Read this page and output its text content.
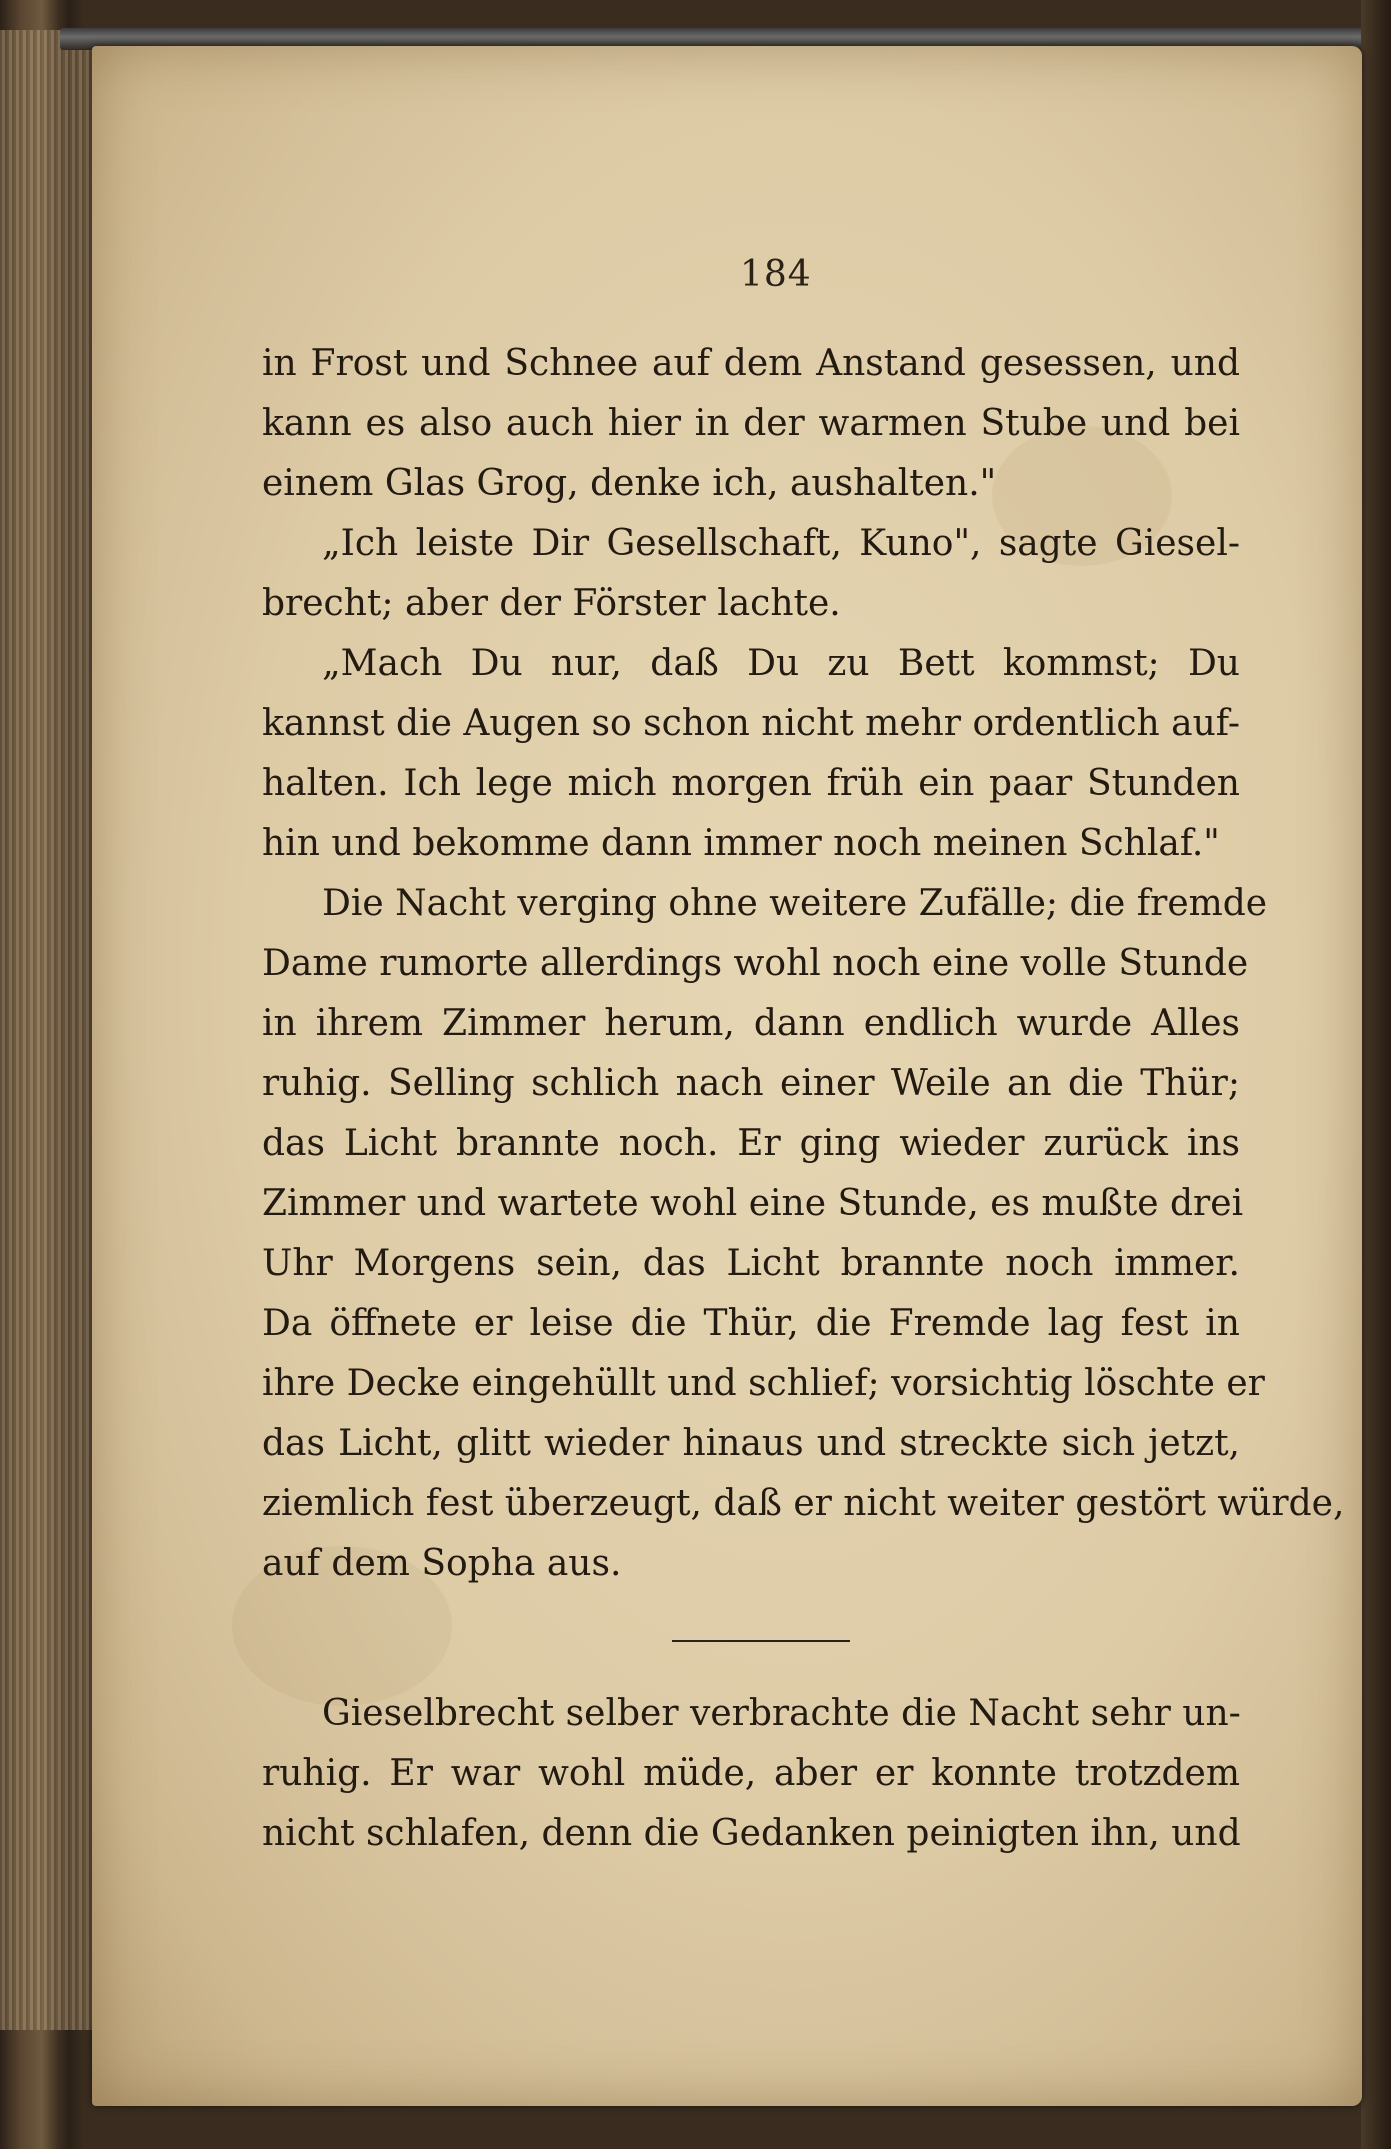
184
in Frost und Schnee auf dem Anstand gesessen, und
kann es also auch hier in der warmen Stube und bei
einem Glas Grog, denke ich, aushalten."
„Ich leiste Dir Gesellschaft, Kuno", sagte Giesel-
brecht; aber der Förster lachte.
„Mach Du nur, daß Du zu Bett kommst; Du
kannst die Augen so schon nicht mehr ordentlich auf-
halten. Ich lege mich morgen früh ein paar Stunden
hin und bekomme dann immer noch meinen Schlaf."
Die Nacht verging ohne weitere Zufälle; die fremde
Dame rumorte allerdings wohl noch eine volle Stunde
in ihrem Zimmer herum, dann endlich wurde Alles
ruhig. Selling schlich nach einer Weile an die Thür;
das Licht brannte noch. Er ging wieder zurück ins
Zimmer und wartete wohl eine Stunde, es mußte drei
Uhr Morgens sein, das Licht brannte noch immer.
Da öffnete er leise die Thür, die Fremde lag fest in
ihre Decke eingehüllt und schlief; vorsichtig löschte er
das Licht, glitt wieder hinaus und streckte sich jetzt,
ziemlich fest überzeugt, daß er nicht weiter gestört würde,
auf dem Sopha aus.
Gieselbrecht selber verbrachte die Nacht sehr un-
ruhig. Er war wohl müde, aber er konnte trotzdem
nicht schlafen, denn die Gedanken peinigten ihn, und
